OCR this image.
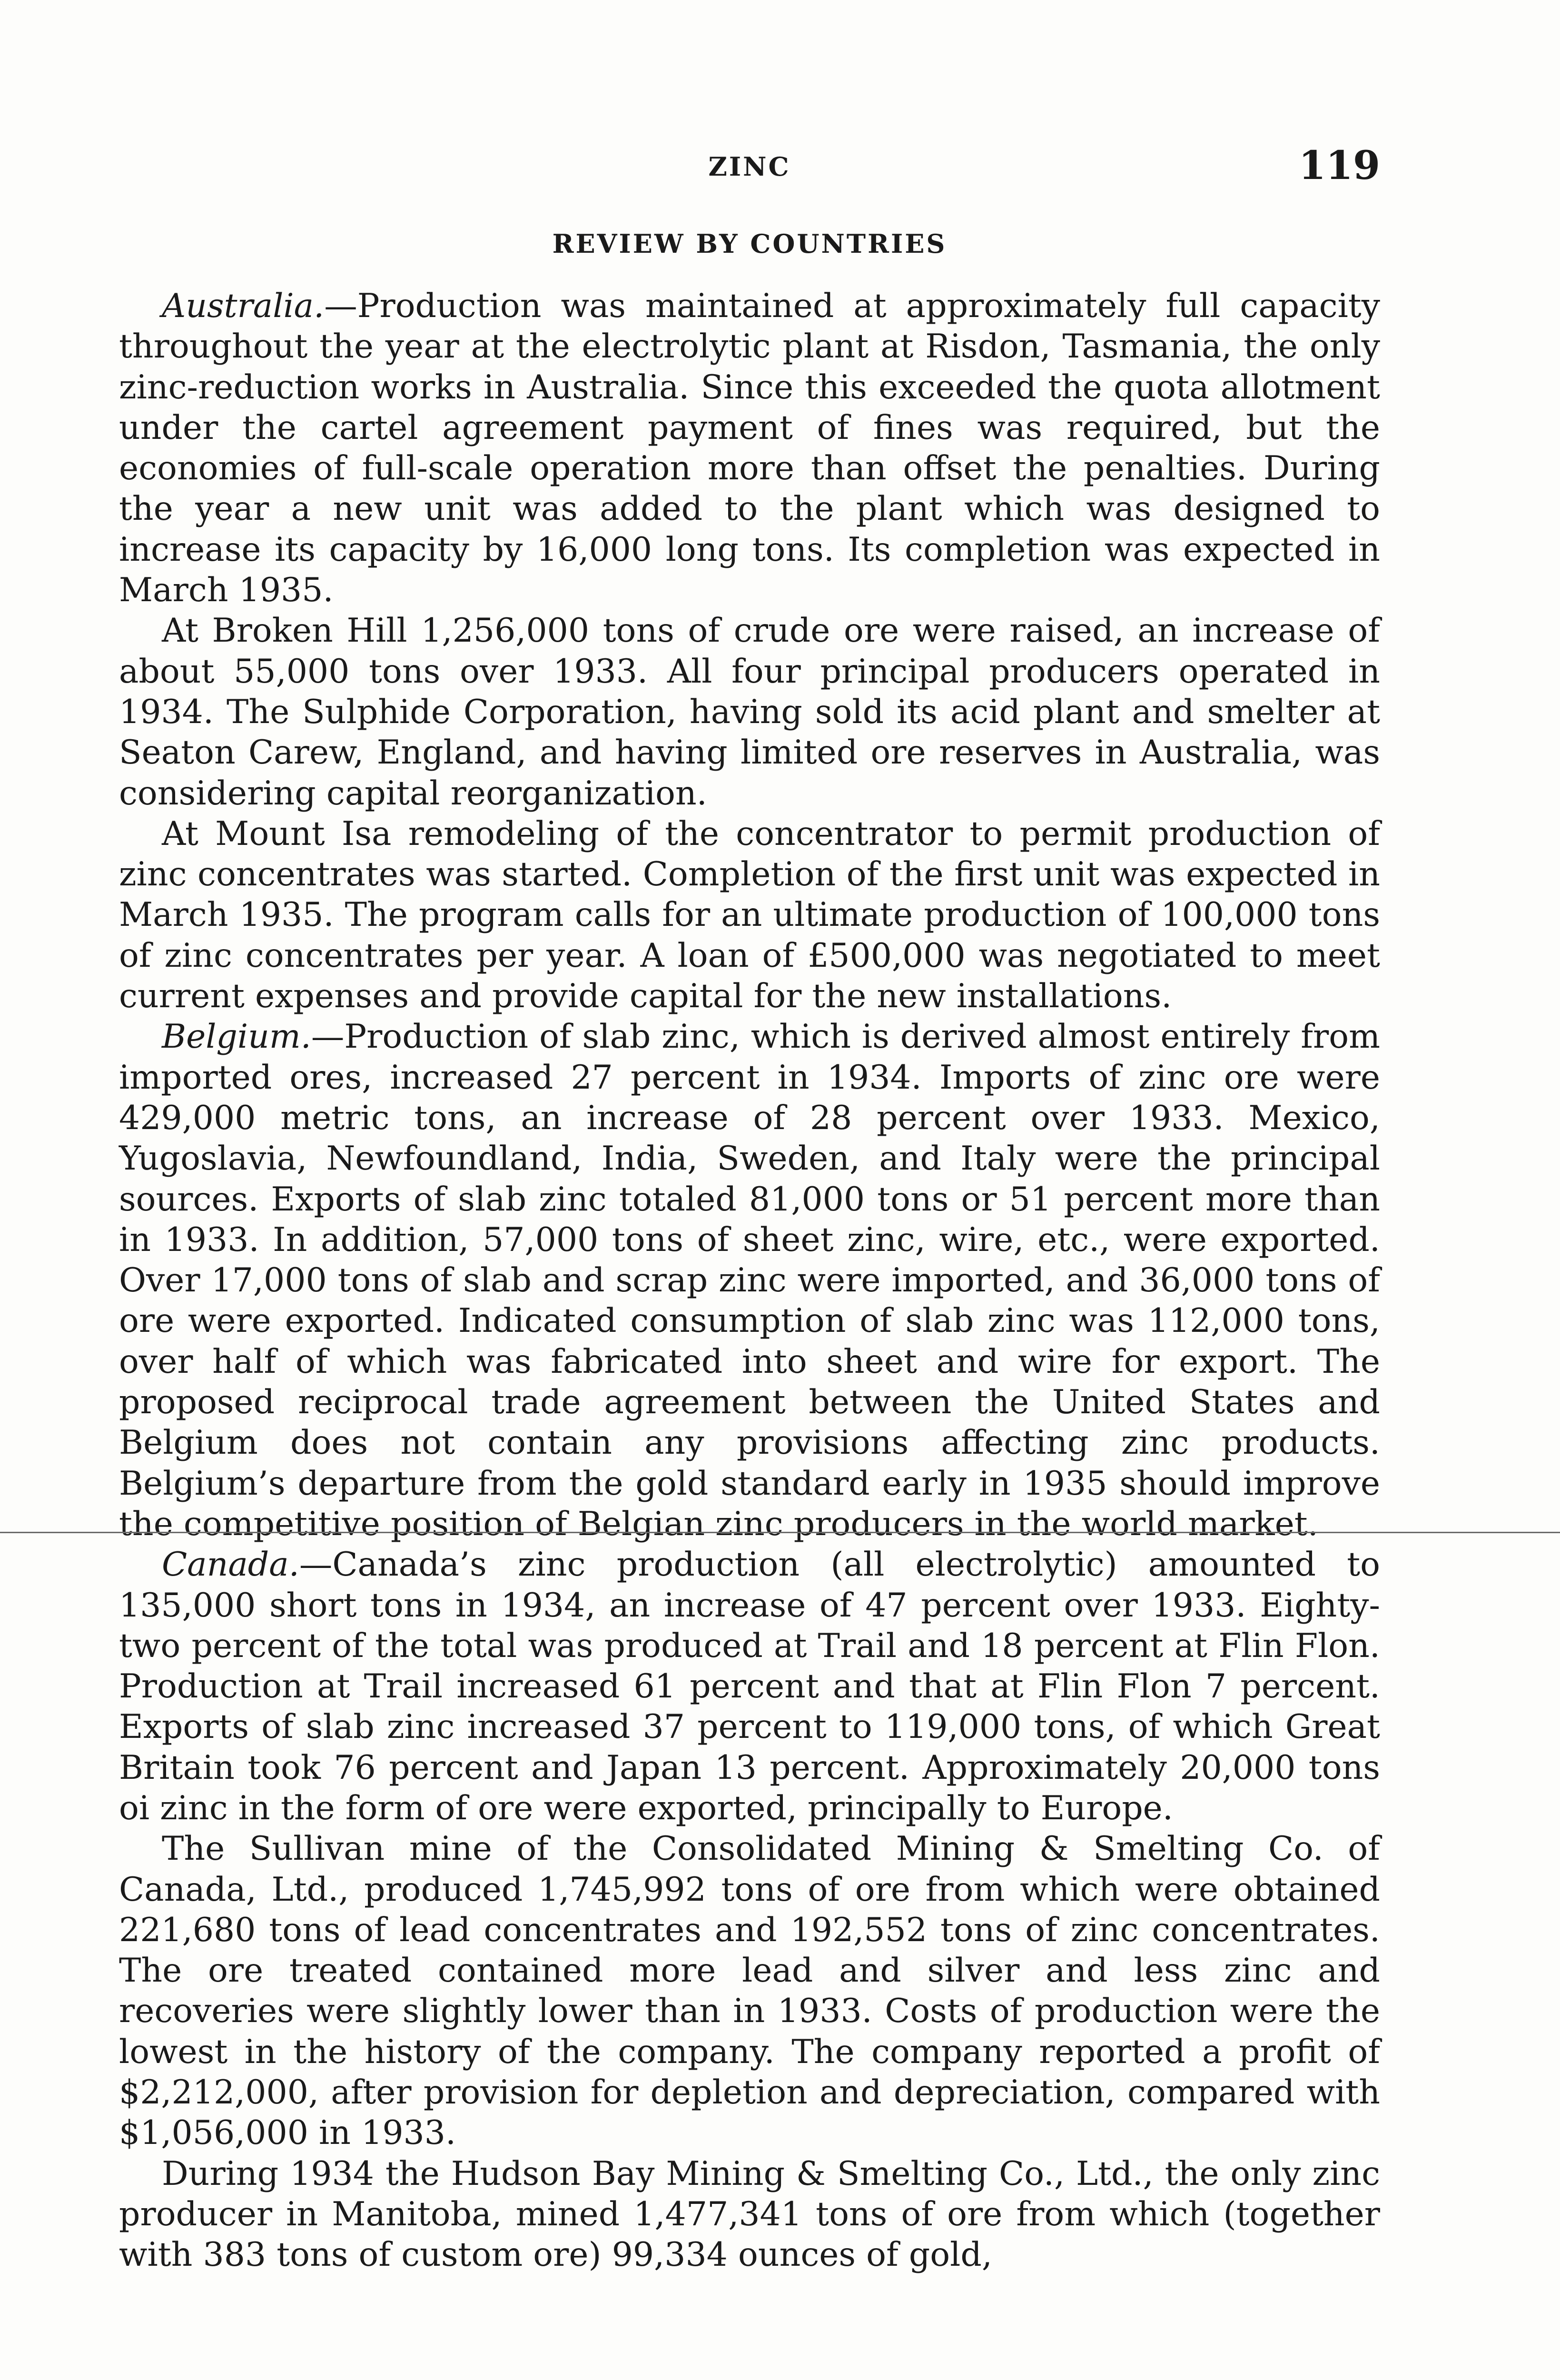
ZINC	119
REVIEW BY COUNTRIES

Australia.—Production was maintained at approximately full capacity throughout the year at the electrolytic plant at Risdon, Tasmania, the only zinc-reduction works in Australia. Since this exceeded the quota allotment under the cartel agreement payment of fines was required, but the economies of full-scale operation more than offset the penalties. During the year a new unit was added to the plant which was designed to increase its capacity by 16,000 long tons. Its completion was expected in March 1935.

At Broken Hill 1,256,000 tons of crude ore were raised, an increase of about 55,000 tons over 1933. All four principal producers operated in 1934. The Sulphide Corporation, having sold its acid plant and smelter at Seaton Carew, England, and having limited ore reserves in Australia, was considering capital reorganization.

At Mount Isa remodeling of the concentrator to permit production of zinc concentrates was started. Completion of the first unit was expected in March 1935. The program calls for an ultimate production of 100,000 tons of zinc concentrates per year. A loan of £500,000 was negotiated to meet current expenses and provide capital for the new installations.

Belgium.—Production of slab zinc, which is derived almost entirely from imported ores, increased 27 percent in 1934. Imports of zinc ore were 429,000 metric tons, an increase of 28 percent over 1933. Mexico, Yugoslavia, Newfoundland, India, Sweden, and Italy were the principal sources. Exports of slab zinc totaled 81,000 tons or 51 percent more than in 1933. In addition, 57,000 tons of sheet zinc, wire, etc., were exported. Over 17,000 tons of slab and scrap zinc were imported, and 36,000 tons of ore were exported. Indicated consumption of slab zinc was 112,000 tons, over half of which was fabricated into sheet and wire for export. The proposed reciprocal trade agreement between the United States and Belgium does not contain any provisions affecting zinc products. Belgium’s departure from the gold standard early in 1935 should improve the competitive position of Belgian zinc producers in the world market.

Canada.—Canada’s zinc production (all electrolytic) amounted to 135,000 short tons in 1934, an increase of 47 percent over 1933. Eighty-two percent of the total was produced at Trail and 18 percent at Flin Flon. Production at Trail increased 61 percent and that at Flin Flon 7 percent. Exports of slab zinc increased 37 percent to 119,000 tons, of which Great Britain took 76 percent and Japan 13 percent. Approximately 20,000 tons oi zinc in the form of ore were exported, principally to Europe.

The Sullivan mine of the Consolidated Mining & Smelting Co. of Canada, Ltd., produced 1,745,992 tons of ore from which were obtained 221,680 tons of lead concentrates and 192,552 tons of zinc concentrates. The ore treated contained more lead and silver and less zinc and recoveries were slightly lower than in 1933. Costs of production were the lowest in the history of the company. The company reported a profit of $2,212,000, after provision for depletion and depreciation, compared with $1,056,000 in 1933.

During 1934 the Hudson Bay Mining & Smelting Co., Ltd., the only zinc producer in Manitoba, mined 1,477,341 tons of ore from which (together with 383 tons of custom ore) 99,334 ounces of gold,
